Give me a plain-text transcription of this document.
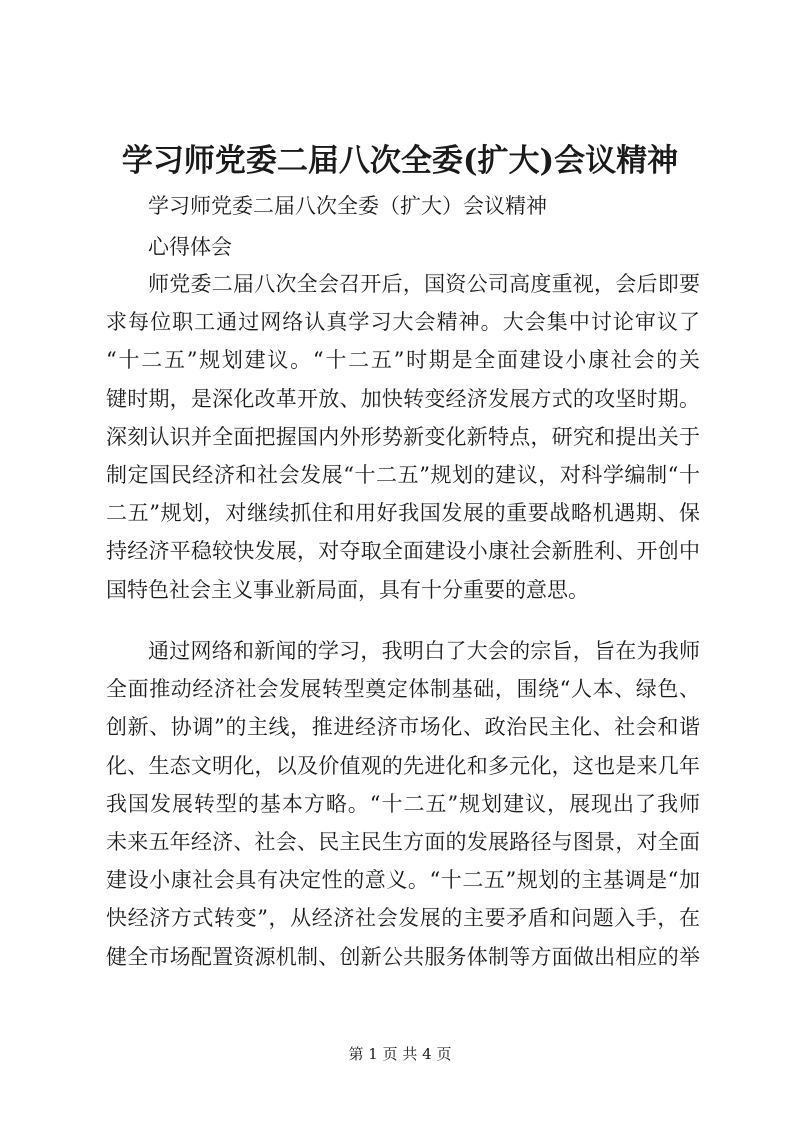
学习师党委二届八次全委(扩大)会议精神

学习师党委二届八次全委（扩大）会议精神

心得体会

师党委二届八次全会召开后，国资公司高度重视，会后即要
求每位职工通过网络认真学习大会精神。大会集中讨论审议了
“十二五”规划建议。“十二五”时期是全面建设小康社会的关
键时期，是深化改革开放、加快转变经济发展方式的攻坚时期。
深刻认识并全面把握国内外形势新变化新特点，研究和提出关于
制定国民经济和社会发展“十二五”规划的建议，对科学编制“十
二五”规划，对继续抓住和用好我国发展的重要战略机遇期、保
持经济平稳较快发展，对夺取全面建设小康社会新胜利、开创中
国特色社会主义事业新局面，具有十分重要的意思。
通过网络和新闻的学习，我明白了大会的宗旨，旨在为我师
全面推动经济社会发展转型奠定体制基础，围绕“人本、绿色、
创新、协调”的主线，推进经济市场化、政治民主化、社会和谐
化、生态文明化，以及价值观的先进化和多元化，这也是来几年
我国发展转型的基本方略。“十二五”规划建议，展现出了我师
未来五年经济、社会、民主民生方面的发展路径与图景，对全面
建设小康社会具有决定性的意义。“十二五”规划的主基调是“加
快经济方式转变”，从经济社会发展的主要矛盾和问题入手，在
健全市场配置资源机制、创新公共服务体制等方面做出相应的举

第 1 页 共 4 页
